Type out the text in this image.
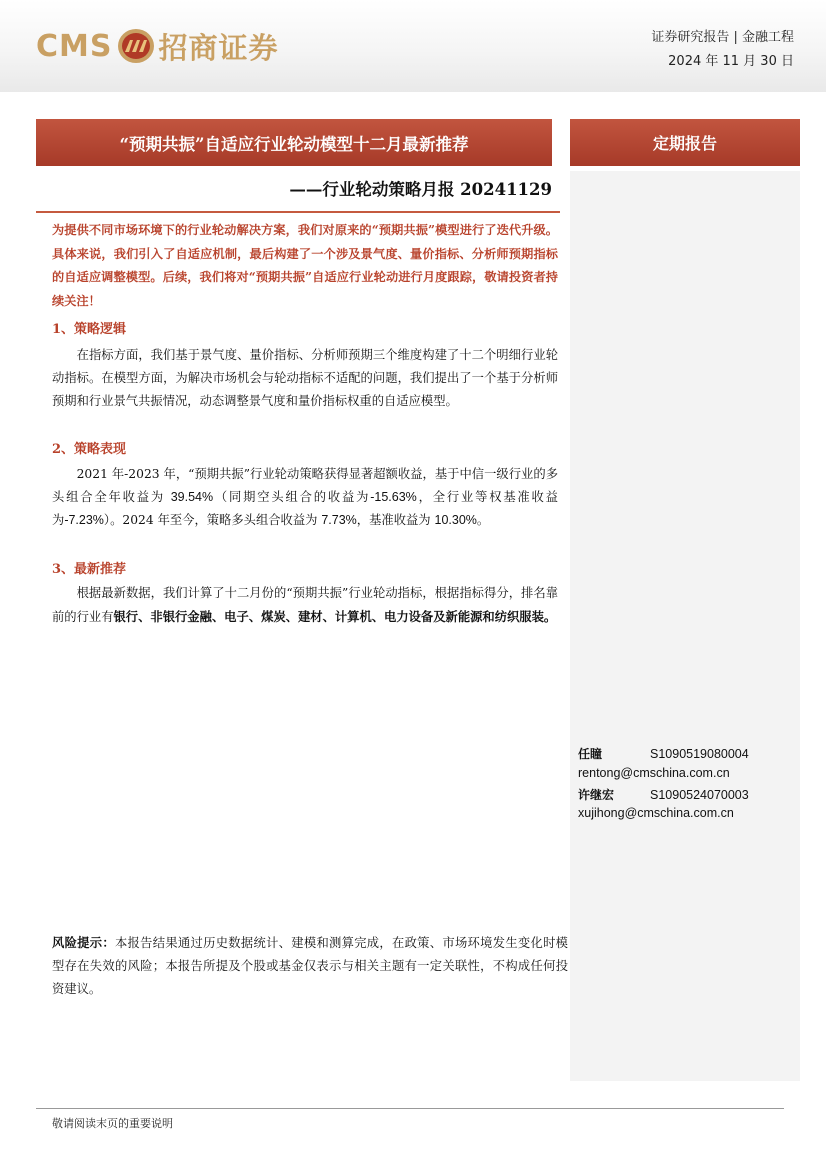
CMS 招商证券	证券研究报告 | 金融工程
2024 年 11 月 30 日
“预期共振”自适应行业轮动模型十二月最新推荐
——行业轮动策略月报 20241129
定期报告
任瞳	S1090519080004
rentong@cmschina.com.cn
许继宏	S1090524070003
xujihong@cmschina.com.cn
为提供不同市场环境下的行业轮动解决方案，我们对原来的“预期共振”模型进行了迭代升级。具体来说，我们引入了自适应机制，最后构建了一个涉及景气度、量价指标、分析师预期指标的自适应调整模型。后续，我们将对“预期共振”自适应行业轮动进行月度跟踪，敬请投资者持续关注！
1、策略逻辑
在指标方面，我们基于景气度、量价指标、分析师预期三个维度构建了十二个明细行业轮动指标。在模型方面，为解决市场机会与轮动指标不适配的问题，我们提出了一个基于分析师预期和行业景气共振情况，动态调整景气度和量价指标权重的自适应模型。
2、策略表现
2021 年-2023 年，“预期共振”行业轮动策略获得显著超额收益，基于中信一级行业的多头组合全年收益为 39.54%（同期空头组合的收益为-15.63%，全行业等权基准收益为-7.23%）。2024 年至今，策略多头组合收益为 7.73%，基准收益为 10.30%。
3、最新推荐
根据最新数据，我们计算了十二月份的“预期共振”行业轮动指标，根据指标得分，排名靠前的行业有银行、非银行金融、电子、煤炭、建材、计算机、电力设备及新能源和纺织服装。
风险提示：本报告结果通过历史数据统计、建模和测算完成，在政策、市场环境发生变化时模型存在失效的风险；本报告所提及个股或基金仅表示与相关主题有一定关联性，不构成任何投资建议。
敬请阅读末页的重要说明
